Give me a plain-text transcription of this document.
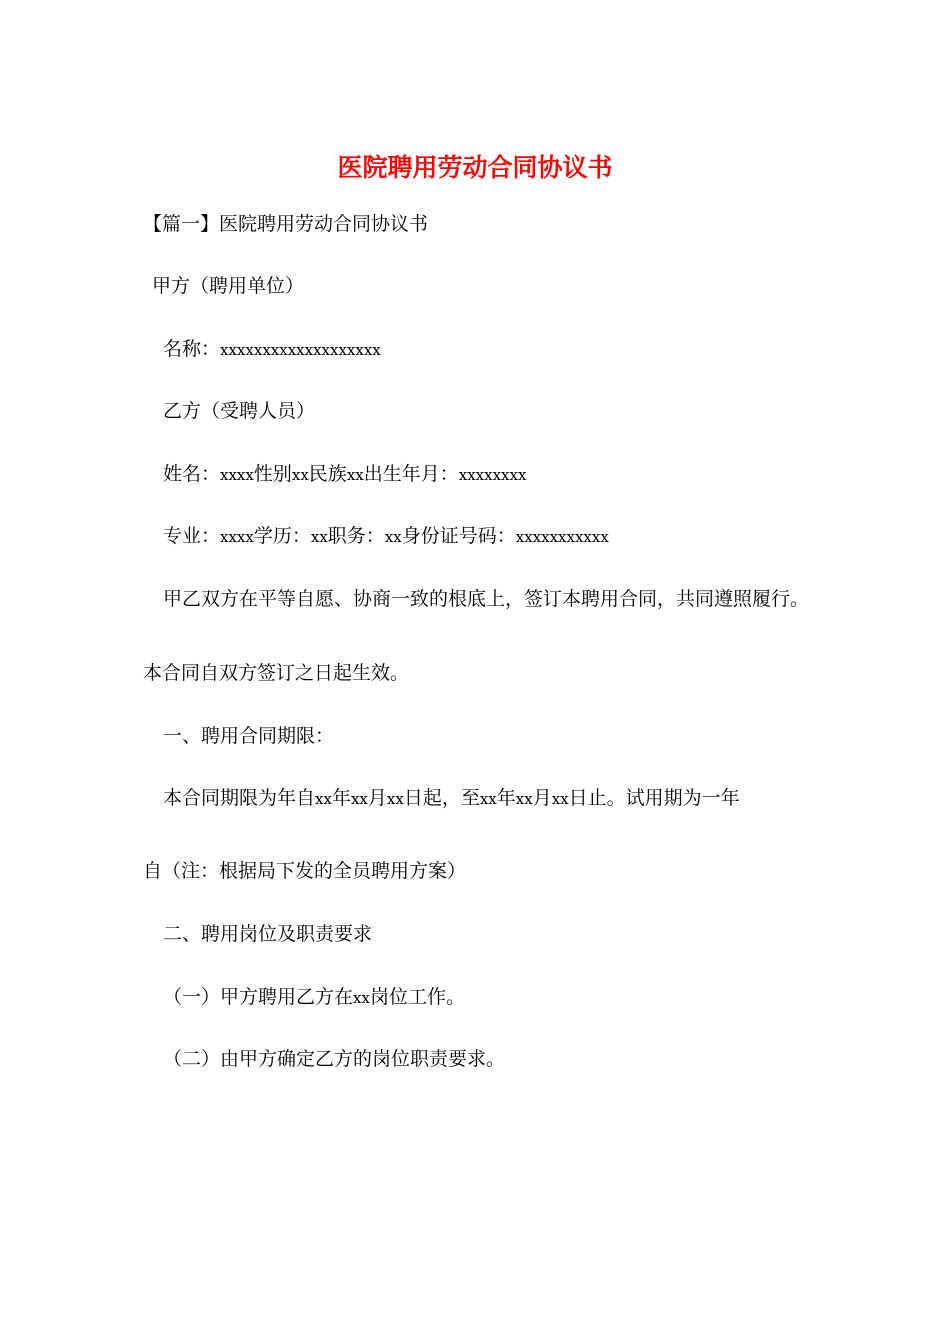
医院聘用劳动合同协议书

【篇一】医院聘用劳动合同协议书

甲方（聘用单位）

名称：xxxxxxxxxxxxxxxxxxx

乙方（受聘人员）

姓名：xxxx性别xx民族xx出生年月：xxxxxxxx

专业：xxxx学历：xx职务：xx身份证号码：xxxxxxxxxxx

甲乙双方在平等自愿、协商一致的根底上，签订本聘用合同，共同遵照履行。

本合同自双方签订之日起生效。

一、聘用合同期限：

本合同期限为年自xx年xx月xx日起，至xx年xx月xx日止。试用期为一年

自（注：根据局下发的全员聘用方案）

二、聘用岗位及职责要求

（一）甲方聘用乙方在xx岗位工作。

（二）由甲方确定乙方的岗位职责要求。
